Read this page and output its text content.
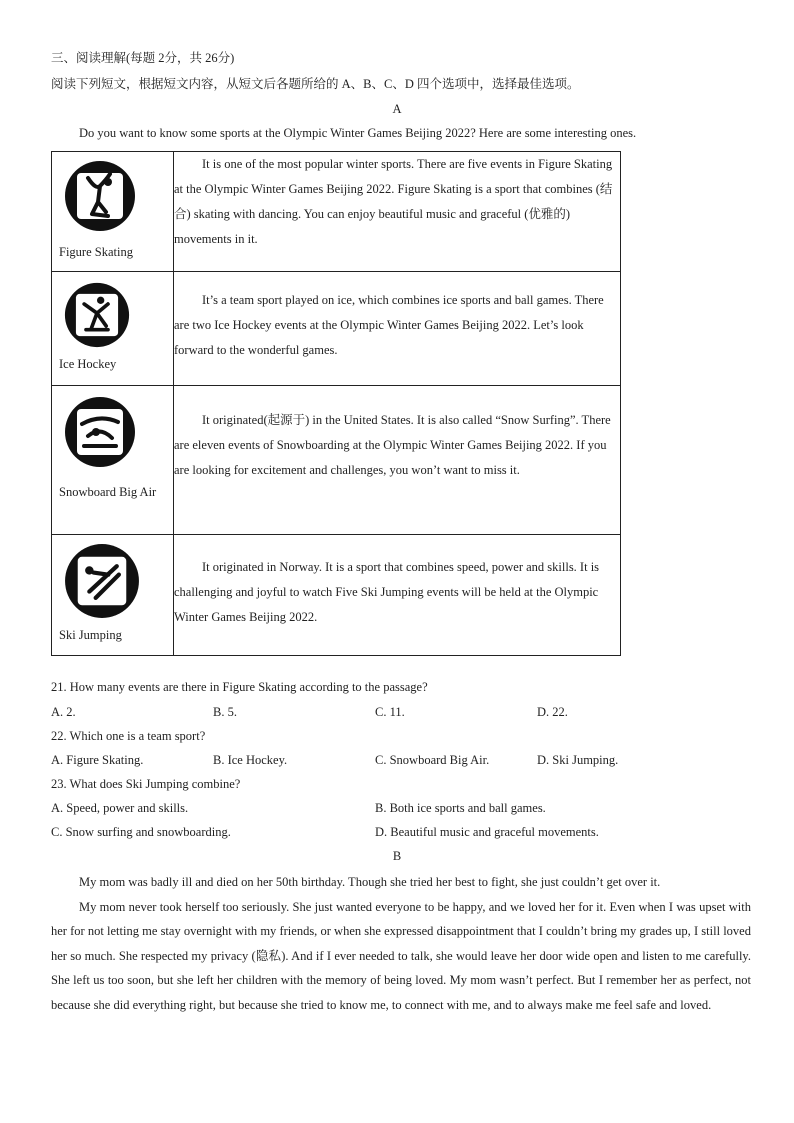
三、阅读理解(每题 2分，共 26分)
阅读下列短文，根据短文内容，从短文后各题所给的 A、B、C、D 四个选项中，选择最佳选项。
A
Do you want to know some sports at the Olympic Winter Games Beijing 2022? Here are some interesting ones.
Figure Skating	It is one of the most popular winter sports. There are five events in Figure Skating at the Olympic Winter Games Beijing 2022. Figure Skating is a sport that combines (结合) skating with dancing. You can enjoy beautiful music and graceful (优雅的) movements in it.

Ice Hockey	It’s a team sport played on ice, which combines ice sports and ball games. There are two Ice Hockey events at the Olympic Winter Games Beijing 2022. Let’s look forward to the wonderful games.

Snowboard Big Air	It originated(起源于) in the United States. It is also called “Snow Surfing”. There are eleven events of Snowboarding at the Olympic Winter Games Beijing 2022. If you are looking for excitement and challenges, you won’t want to miss it.

Ski Jumping	It originated in Norway. It is a sport that combines speed, power and skills. It is challenging and joyful to watch Five Ski Jumping events will be held at the Olympic Winter Games Beijing 2022.

21. How many events are there in Figure Skating according to the passage?
A. 2.	B. 5.	C. 11.	D. 22.
22. Which one is a team sport?
A. Figure Skating.	B. Ice Hockey.	C. Snowboard Big Air.	D. Ski Jumping.
23. What does Ski Jumping combine?
A. Speed, power and skills.	B. Both ice sports and ball games.
C. Snow surfing and snowboarding.	D. Beautiful music and graceful movements.
B

My mom was badly ill and died on her 50th birthday. Though she tried her best to fight, she just couldn’t get over it.

My mom never took herself too seriously. She just wanted everyone to be happy, and we loved her for it. Even when I was upset with her for not letting me stay overnight with my friends, or when she expressed disappointment that I couldn’t bring my grades up, I still loved her so much. She respected my privacy (隐私). And if I ever needed to talk, she would leave her door wide open and listen to me carefully. She left us too soon, but she left her children with the memory of being loved. My mom wasn’t perfect. But I remember her as perfect, not because she did everything right, but because she tried to know me, to connect with me, and to always make me feel safe and loved.
